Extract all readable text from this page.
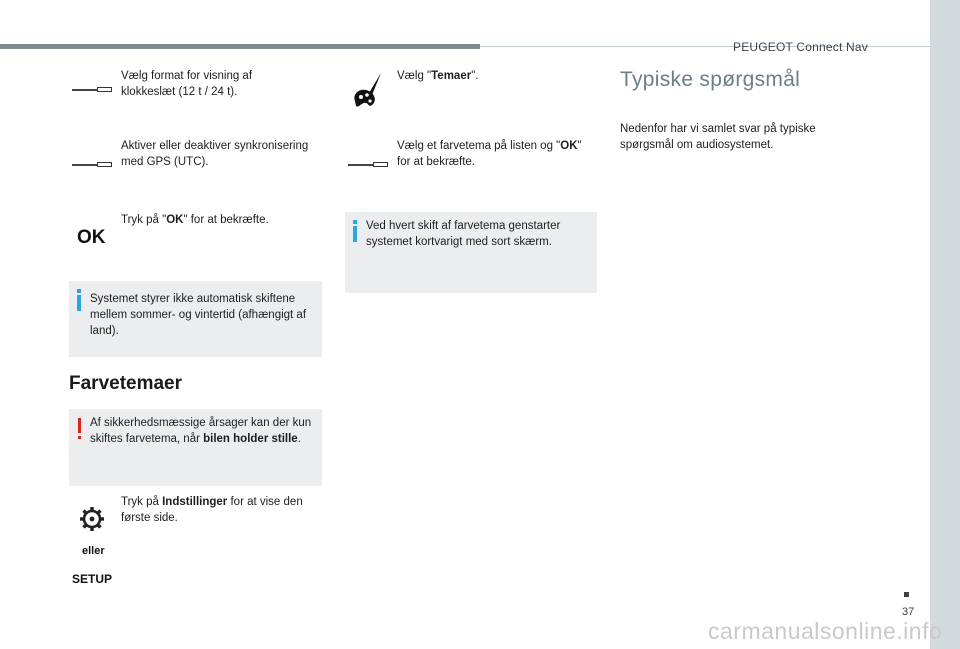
PEUGEOT Connect Nav
Vælg format for visning af klokkeslæt (12 t / 24 t).
Aktiver eller deaktiver synkronisering med GPS (UTC).
OK
Tryk på "OK" for at bekræfte.
Systemet styrer ikke automatisk skiftene mellem sommer- og vintertid (afhængigt af land).
Farvetemaer
Af sikkerhedsmæssige årsager kan der kun skiftes farvetema, når bilen holder stille.
Tryk på Indstillinger for at vise den første side.
eller
SETUP
Vælg "Temaer".
Vælg et farvetema på listen og "OK" for at bekræfte.
Ved hvert skift af farvetema genstarter systemet kortvarigt med sort skærm.
Typiske spørgsmål
Nedenfor har vi samlet svar på typiske spørgsmål om audiosystemet.
37
carmanualsonline.info
